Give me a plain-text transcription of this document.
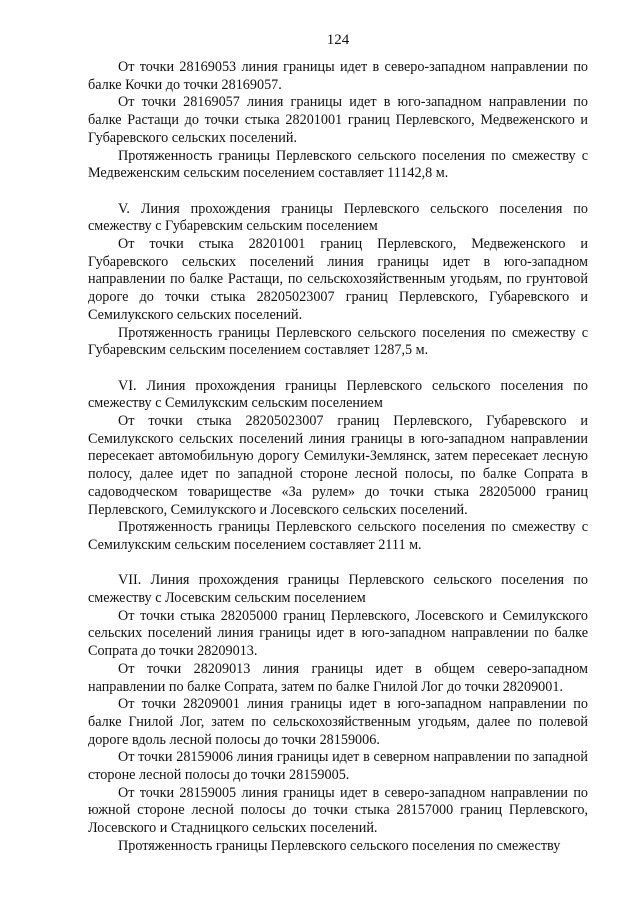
124

От точки 28169053 линия границы идет в северо-западном направлении по балке Кочки до точки 28169057.

От точки 28169057 линия границы идет в юго-западном направлении по балке Растащи до точки стыка 28201001 границ Перлевского, Медвеженского и Губаревского сельских поселений.

Протяженность границы Перлевского сельского поселения по смежеству с Медвеженским сельским поселением составляет 11142,8 м.

V. Линия прохождения границы Перлевского сельского поселения по смежеству с Губаревским сельским поселением

От точки стыка 28201001 границ Перлевского, Медвеженского и Губаревского сельских поселений линия границы идет в юго-западном направлении по балке Растащи, по сельскохозяйственным угодьям, по грунтовой дороге до точки стыка 28205023007 границ Перлевского, Губаревского и Семилукского сельских поселений.

Протяженность границы Перлевского сельского поселения по смежеству с Губаревским сельским поселением составляет 1287,5 м.

VI. Линия прохождения границы Перлевского сельского поселения по смежеству с Семилукским сельским поселением

От точки стыка 28205023007 границ Перлевского, Губаревского и Семилукского сельских поселений линия границы в юго-западном направлении пересекает автомобильную дорогу Семилуки-Землянск, затем пересекает лесную полосу, далее идет по западной стороне лесной полосы, по балке Сопрата в садоводческом товариществе «За рулем» до точки стыка 28205000 границ Перлевского, Семилукского и Лосевского сельских поселений.

Протяженность границы Перлевского сельского поселения по смежеству с Семилукским сельским поселением составляет 2111 м.

VII. Линия прохождения границы Перлевского сельского поселения по смежеству с Лосевским сельским поселением

От точки стыка 28205000 границ Перлевского, Лосевского и Семилукского сельских поселений линия границы идет в юго-западном направлении по балке Сопрата до точки 28209013.

От точки 28209013 линия границы идет в общем северо-западном направлении по балке Сопрата, затем по балке Гнилой Лог до точки 28209001.

От точки 28209001 линия границы идет в юго-западном направлении по балке Гнилой Лог, затем по сельскохозяйственным угодьям, далее по полевой дороге вдоль лесной полосы до точки 28159006.

От точки 28159006 линия границы идет в северном направлении по западной стороне лесной полосы до точки 28159005.

От точки 28159005 линия границы идет в северо-западном направлении по южной стороне лесной полосы до точки стыка 28157000 границ Перлевского, Лосевского и Стадницкого сельских поселений.

Протяженность границы Перлевского сельского поселения по смежеству
